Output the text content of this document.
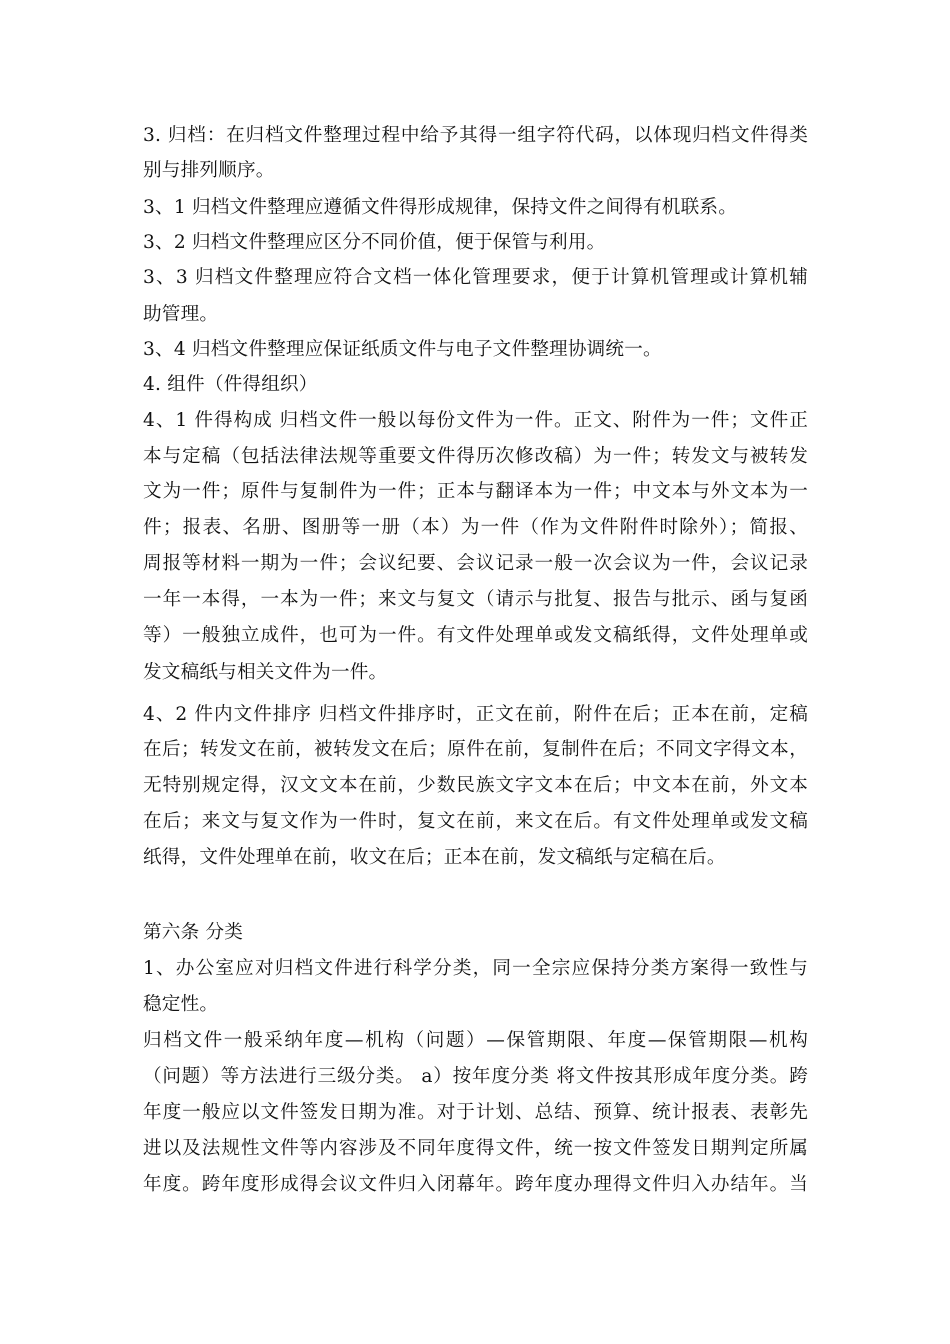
3. 归档：在归档文件整理过程中给予其得一组字符代码，以体现归档文件得类
别与排列顺序。
3、1 归档文件整理应遵循文件得形成规律，保持文件之间得有机联系。
3、2 归档文件整理应区分不同价值，便于保管与利用。
3、3 归档文件整理应符合文档一体化管理要求，便于计算机管理或计算机辅
助管理。
3、4 归档文件整理应保证纸质文件与电子文件整理协调统一。
4. 组件（件得组织）
4、1 件得构成 归档文件一般以每份文件为一件。正文、附件为一件；文件正
本与定稿（包括法律法规等重要文件得历次修改稿）为一件；转发文与被转发
文为一件；原件与复制件为一件；正本与翻译本为一件；中文本与外文本为一
件；报表、名册、图册等一册（本）为一件（作为文件附件时除外）；简报、
周报等材料一期为一件；会议纪要、会议记录一般一次会议为一件，会议记录
一年一本得，一本为一件；来文与复文（请示与批复、报告与批示、函与复函
等）一般独立成件，也可为一件。有文件处理单或发文稿纸得，文件处理单或
发文稿纸与相关文件为一件。
4、2 件内文件排序 归档文件排序时，正文在前，附件在后；正本在前，定稿
在后；转发文在前，被转发文在后；原件在前，复制件在后；不同文字得文本，
无特别规定得，汉文文本在前，少数民族文字文本在后；中文本在前，外文本
在后；来文与复文作为一件时，复文在前，来文在后。有文件处理单或发文稿
纸得，文件处理单在前，收文在后；正本在前，发文稿纸与定稿在后。
第六条 分类
1、办公室应对归档文件进行科学分类，同一全宗应保持分类方案得一致性与
稳定性。
归档文件一般采纳年度—机构（问题）—保管期限、年度—保管期限—机构
（问题）等方法进行三级分类。 a）按年度分类 将文件按其形成年度分类。跨
年度一般应以文件签发日期为准。对于计划、总结、预算、统计报表、表彰先
进以及法规性文件等内容涉及不同年度得文件，统一按文件签发日期判定所属
年度。跨年度形成得会议文件归入闭幕年。跨年度办理得文件归入办结年。当
